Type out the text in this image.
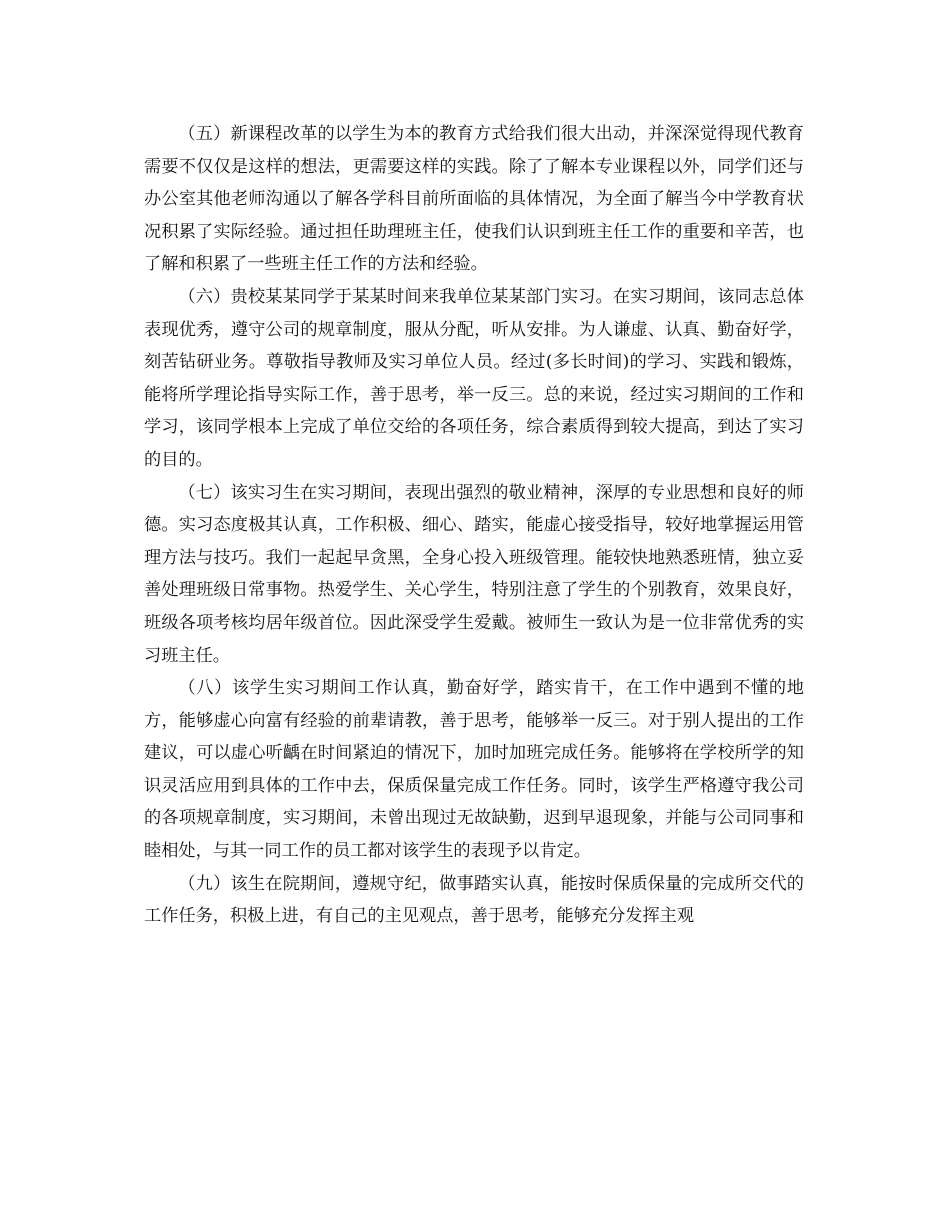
（五）新课程改革的以学生为本的教育方式给我们很大出动，并深深觉得现代教育需要不仅仅是这样的想法，更需要这样的实践。除了了解本专业课程以外，同学们还与办公室其他老师沟通以了解各学科目前所面临的具体情况，为全面了解当今中学教育状况积累了实际经验。通过担任助理班主任，使我们认识到班主任工作的重要和辛苦，也了解和积累了一些班主任工作的方法和经验。

（六）贵校某某同学于某某时间来我单位某某部门实习。在实习期间，该同志总体表现优秀，遵守公司的规章制度，服从分配，听从安排。为人谦虚、认真、勤奋好学，刻苦钻研业务。尊敬指导教师及实习单位人员。经过(多长时间)的学习、实践和锻炼，能将所学理论指导实际工作，善于思考，举一反三。总的来说，经过实习期间的工作和学习，该同学根本上完成了单位交给的各项任务，综合素质得到较大提高，到达了实习的目的。

（七）该实习生在实习期间，表现出强烈的敬业精神，深厚的专业思想和良好的师德。实习态度极其认真，工作积极、细心、踏实，能虚心接受指导，较好地掌握运用管理方法与技巧。我们一起起早贪黑，全身心投入班级管理。能较快地熟悉班情，独立妥善处理班级日常事物。热爱学生、关心学生，特别注意了学生的个别教育，效果良好，班级各项考核均居年级首位。因此深受学生爱戴。被师生一致认为是一位非常优秀的实习班主任。

（八）该学生实习期间工作认真，勤奋好学，踏实肯干，在工作中遇到不懂的地方，能够虚心向富有经验的前辈请教，善于思考，能够举一反三。对于别人提出的工作建议，可以虚心听齲在时间紧迫的情况下，加时加班完成任务。能够将在学校所学的知识灵活应用到具体的工作中去，保质保量完成工作任务。同时，该学生严格遵守我公司的各项规章制度，实习期间，未曾出现过无故缺勤，迟到早退现象，并能与公司同事和睦相处，与其一同工作的员工都对该学生的表现予以肯定。

（九）该生在院期间，遵规守纪，做事踏实认真，能按时保质保量的完成所交代的工作任务，积极上进，有自己的主见观点，善于思考，能够充分发挥主观
